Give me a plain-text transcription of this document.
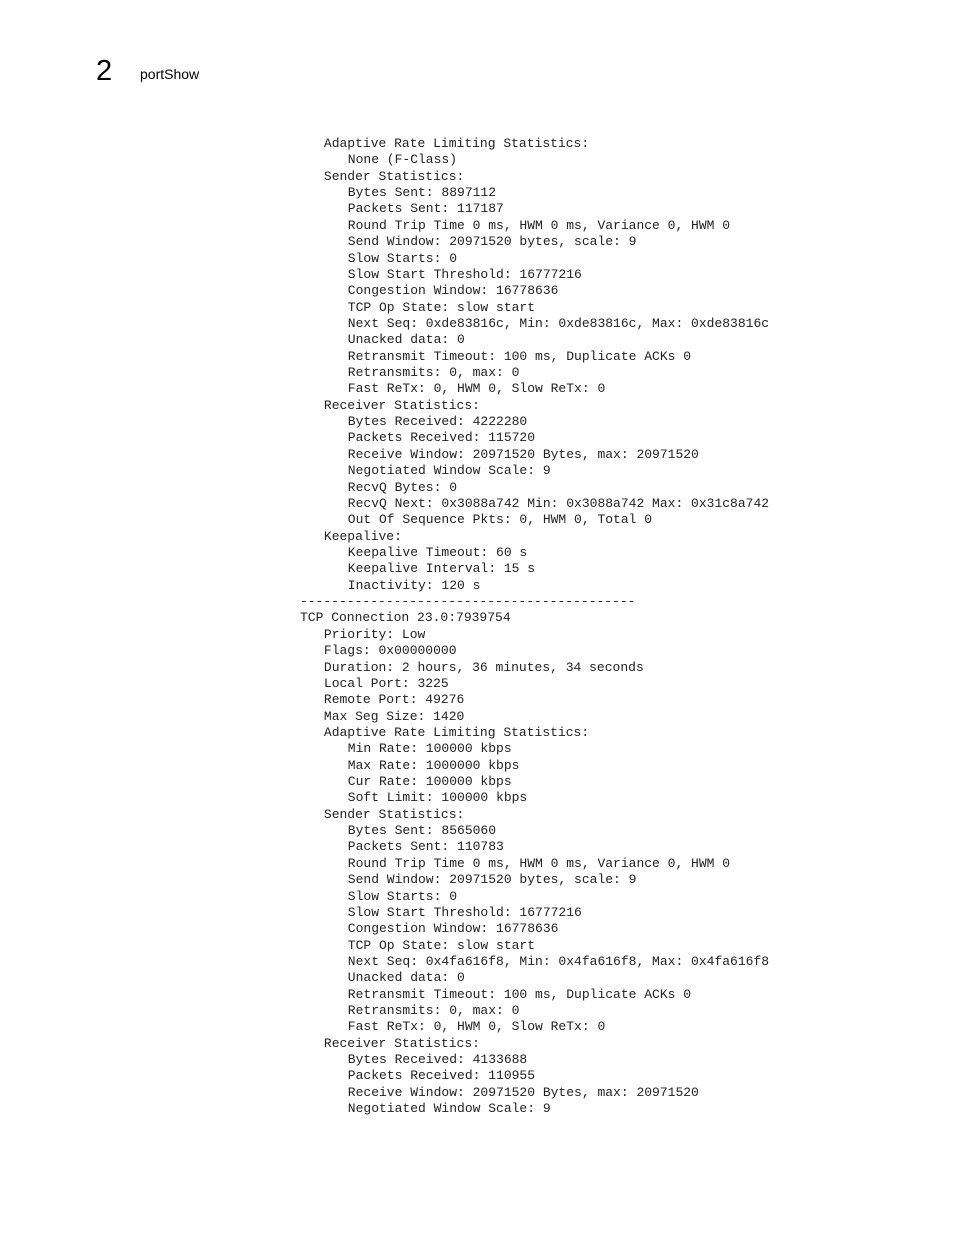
2 portShow
Adaptive Rate Limiting Statistics:
None (F-Class)
Sender Statistics:
Bytes Sent: 8897112
Packets Sent: 117187
Round Trip Time 0 ms, HWM 0 ms, Variance 0, HWM 0
Send Window: 20971520 bytes, scale: 9
Slow Starts: 0
Slow Start Threshold: 16777216
Congestion Window: 16778636
TCP Op State: slow start
Next Seq: 0xde83816c, Min: 0xde83816c, Max: 0xde83816c
Unacked data: 0
Retransmit Timeout: 100 ms, Duplicate ACKs 0
Retransmits: 0, max: 0
Fast ReTx: 0, HWM 0, Slow ReTx: 0
Receiver Statistics:
Bytes Received: 4222280
Packets Received: 115720
Receive Window: 20971520 Bytes, max: 20971520
Negotiated Window Scale: 9
RecvQ Bytes: 0
RecvQ Next: 0x3088a742 Min: 0x3088a742 Max: 0x31c8a742
Out Of Sequence Pkts: 0, HWM 0, Total 0
Keepalive:
Keepalive Timeout: 60 s
Keepalive Interval: 15 s
Inactivity: 120 s
-------------------------------------------
TCP Connection 23.0:7939754
Priority: Low
Flags: 0x00000000
Duration: 2 hours, 36 minutes, 34 seconds
Local Port: 3225
Remote Port: 49276
Max Seg Size: 1420
Adaptive Rate Limiting Statistics:
Min Rate: 100000 kbps
Max Rate: 1000000 kbps
Cur Rate: 100000 kbps
Soft Limit: 100000 kbps
Sender Statistics:
Bytes Sent: 8565060
Packets Sent: 110783
Round Trip Time 0 ms, HWM 0 ms, Variance 0, HWM 0
Send Window: 20971520 bytes, scale: 9
Slow Starts: 0
Slow Start Threshold: 16777216
Congestion Window: 16778636
TCP Op State: slow start
Next Seq: 0x4fa616f8, Min: 0x4fa616f8, Max: 0x4fa616f8
Unacked data: 0
Retransmit Timeout: 100 ms, Duplicate ACKs 0
Retransmits: 0, max: 0
Fast ReTx: 0, HWM 0, Slow ReTx: 0
Receiver Statistics:
Bytes Received: 4133688
Packets Received: 110955
Receive Window: 20971520 Bytes, max: 20971520
Negotiated Window Scale: 9
